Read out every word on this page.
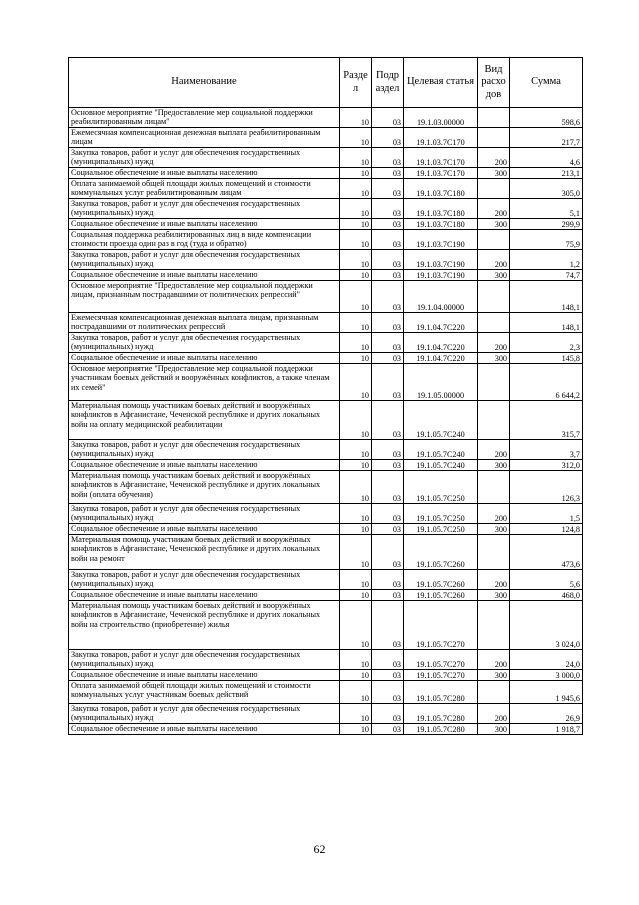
Наименование	Разде л	Подр аздел	Целевая статья	Вид расхо дов	Сумма
Основное мероприятие "Предоставление мер социальной поддержки реабилитированным лицам"	10	03	19.1.03.00000		598,6
Ежемесячная компенсационная денежная выплата реабилитированным лицам	10	03	19.1.03.7С170		217,7
Закупка товаров, работ и услуг для обеспечения государственных (муниципальных) нужд	10	03	19.1.03.7С170	200	4,6
Социальное обеспечение и иные выплаты населению	10	03	19.1.03.7С170	300	213,1
Оплата занимаемой общей площади жилых помещений и стоимости коммунальных услуг реабилитированным лицам	10	03	19.1.03.7С180		305,0
Закупка товаров, работ и услуг для обеспечения государственных (муниципальных) нужд	10	03	19.1.03.7С180	200	5,1
Социальное обеспечение и иные выплаты населению	10	03	19.1.03.7С180	300	299,9
Социальная поддержка реабилитированных лиц в виде компенсации стоимости проезда один раз в год (туда и обратно)	10	03	19.1.03.7С190		75,9
Закупка товаров, работ и услуг для обеспечения государственных (муниципальных) нужд	10	03	19.1.03.7С190	200	1,2
Социальное обеспечение и иные выплаты населению	10	03	19.1.03.7С190	300	74,7
Основное мероприятие "Предоставление мер социальной поддержки лицам, признанным пострадавшими от политических репрессий"	10	03	19.1.04.00000		148,1
Ежемесячная компенсационная денежная выплата лицам, признанным пострадавшими от политических репрессий	10	03	19.1.04.7С220		148,1
Закупка товаров, работ и услуг для обеспечения государственных (муниципальных) нужд	10	03	19.1.04.7С220	200	2,3
Социальное обеспечение и иные выплаты населению	10	03	19.1.04.7С220	300	145,8
Основное мероприятие "Предоставление мер социальной поддержки участникам боевых действий и вооружённых конфликтов, а также членам их семей"	10	03	19.1.05.00000		6 644,2
Материальная помощь участникам боевых действий и вооружённых конфликтов в Афганистане, Чеченской республике и других локальных войн на оплату медицинской реабилитации	10	03	19.1.05.7С240		315,7
Закупка товаров, работ и услуг для обеспечения государственных (муниципальных) нужд	10	03	19.1.05.7С240	200	3,7
Социальное обеспечение и иные выплаты населению	10	03	19.1.05.7С240	300	312,0
Материальная помощь участникам боевых действий и вооружённых конфликтов в Афганистане, Чеченской республике и других локальных войн (оплата обучения)	10	03	19.1.05.7С250		126,3
Закупка товаров, работ и услуг для обеспечения государственных (муниципальных) нужд	10	03	19.1.05.7С250	200	1,5
Социальное обеспечение и иные выплаты населению	10	03	19.1.05.7С250	300	124,8
Материальная помощь участникам боевых действий и вооружённых конфликтов в Афганистане, Чеченской республике и других локальных войн на ремонт	10	03	19.1.05.7С260		473,6
Закупка товаров, работ и услуг для обеспечения государственных (муниципальных) нужд	10	03	19.1.05.7С260	200	5,6
Социальное обеспечение и иные выплаты населению	10	03	19.1.05.7С260	300	468,0
Материальная помощь участникам боевых действий и вооружённых конфликтов в Афганистане, Чеченской республике и других локальных войн на строительство (приобретение) жилья	10	03	19.1.05.7С270		3 024,0
Закупка товаров, работ и услуг для обеспечения государственных (муниципальных) нужд	10	03	19.1.05.7С270	200	24,0
Социальное обеспечение и иные выплаты населению	10	03	19.1.05.7С270	300	3 000,0
Оплата занимаемой общей площади жилых помещений и стоимости коммунальных услуг участникам боевых действий	10	03	19.1.05.7С280		1 945,6
Закупка товаров, работ и услуг для обеспечения государственных (муниципальных) нужд	10	03	19.1.05.7С280	200	26,9
Социальное обеспечение и иные выплаты населению	10	03	19.1.05.7С280	300	1 918,7
62
